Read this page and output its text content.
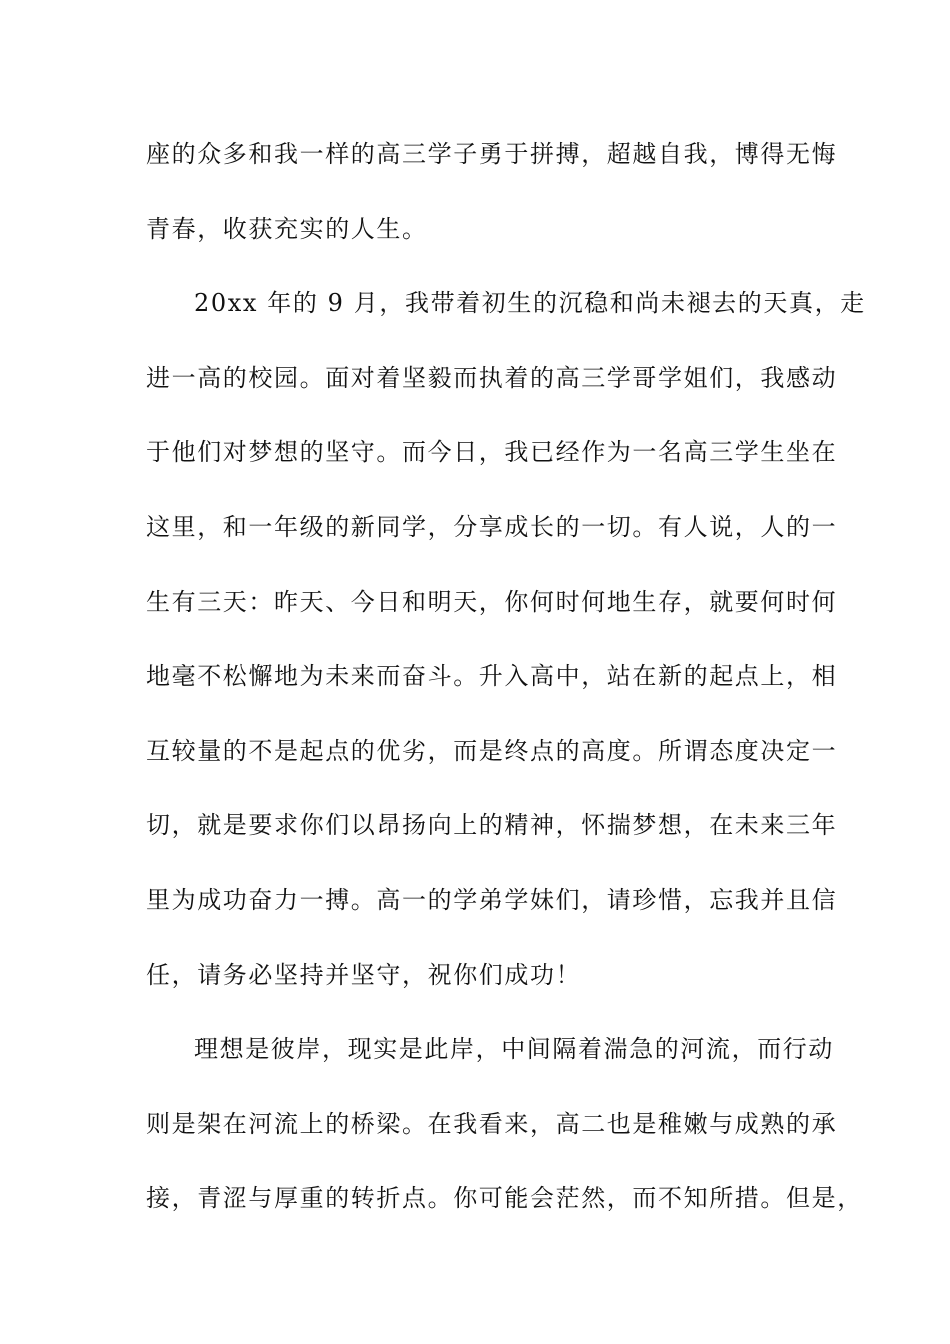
座的众多和我一样的高三学子勇于拼搏，超越自我，博得无悔
青春，收获充实的人生。
20xx 年的 9 月，我带着初生的沉稳和尚未褪去的天真，走
进一高的校园。面对着坚毅而执着的高三学哥学姐们，我感动
于他们对梦想的坚守。而今日，我已经作为一名高三学生坐在
这里，和一年级的新同学，分享成长的一切。有人说，人的一
生有三天：昨天、今日和明天，你何时何地生存，就要何时何
地毫不松懈地为未来而奋斗。升入高中，站在新的起点上，相
互较量的不是起点的优劣，而是终点的高度。所谓态度决定一
切，就是要求你们以昂扬向上的精神，怀揣梦想，在未来三年
里为成功奋力一搏。高一的学弟学妹们，请珍惜，忘我并且信
任，请务必坚持并坚守，祝你们成功！
理想是彼岸，现实是此岸，中间隔着湍急的河流，而行动
则是架在河流上的桥梁。在我看来，高二也是稚嫩与成熟的承
接，青涩与厚重的转折点。你可能会茫然，而不知所措。但是，
